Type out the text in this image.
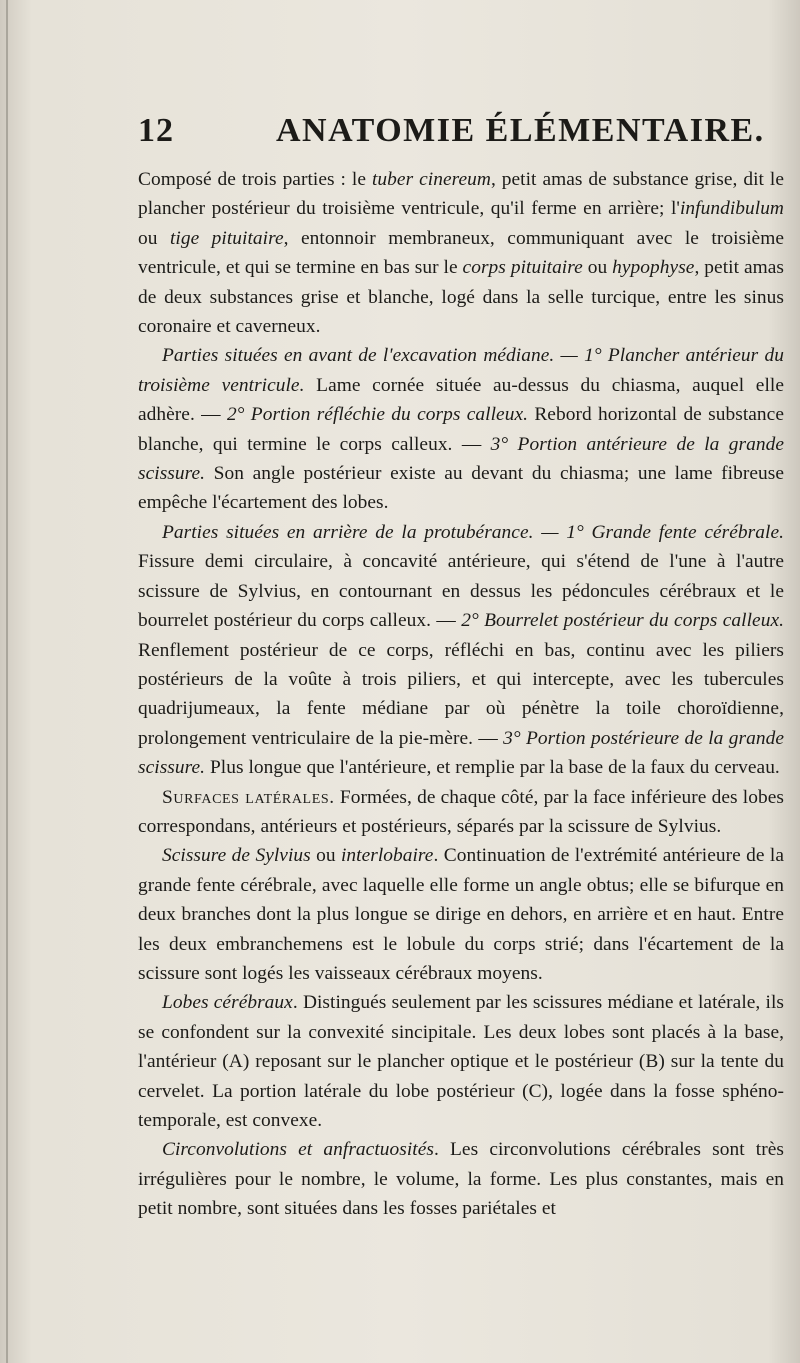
12	ANATOMIE ÉLÉMENTAIRE.

Composé de trois parties : le tuber cinereum, petit amas de substance grise, dit le plancher postérieur du troisième ventricule, qu'il ferme en arrière; l'infundibulum ou tige pituitaire, entonnoir membraneux, communiquant avec le troisième ventricule, et qui se termine en bas sur le corps pituitaire ou hypophyse, petit amas de deux substances grise et blanche, logé dans la selle turcique, entre les sinus coronaire et caverneux.

Parties situées en avant de l'excavation médiane. — 1° Plancher antérieur du troisième ventricule. Lame cornée située au-dessus du chiasma, auquel elle adhère. — 2° Portion réfléchie du corps calleux. Rebord horizontal de substance blanche, qui termine le corps calleux. — 3° Portion antérieure de la grande scissure. Son angle postérieur existe au devant du chiasma; une lame fibreuse empêche l'écartement des lobes.

Parties situées en arrière de la protubérance. — 1° Grande fente cérébrale. Fissure demi circulaire, à concavité antérieure, qui s'étend de l'une à l'autre scissure de Sylvius, en contournant en dessus les pédoncules cérébraux et le bourrelet postérieur du corps calleux. — 2° Bourrelet postérieur du corps calleux. Renflement postérieur de ce corps, réfléchi en bas, continu avec les piliers postérieurs de la voûte à trois piliers, et qui intercepte, avec les tubercules quadrijumeaux, la fente médiane par où pénètre la toile choroïdienne, prolongement ventriculaire de la pie-mère. — 3° Portion postérieure de la grande scissure. Plus longue que l'antérieure, et remplie par la base de la faux du cerveau.

Surfaces latérales. Formées, de chaque côté, par la face inférieure des lobes correspondans, antérieurs et postérieurs, séparés par la scissure de Sylvius.

Scissure de Sylvius ou interlobaire. Continuation de l'extrémité antérieure de la grande fente cérébrale, avec laquelle elle forme un angle obtus; elle se bifurque en deux branches dont la plus longue se dirige en dehors, en arrière et en haut. Entre les deux embranchemens est le lobule du corps strié; dans l'écartement de la scissure sont logés les vaisseaux cérébraux moyens.

Lobes cérébraux. Distingués seulement par les scissures médiane et latérale, ils se confondent sur la convexité sincipitale. Les deux lobes sont placés à la base, l'antérieur (A) reposant sur le plancher optique et le postérieur (B) sur la tente du cervelet. La portion latérale du lobe postérieur (C), logée dans la fosse sphéno-temporale, est convexe.

Circonvolutions et anfractuosités. Les circonvolutions cérébrales sont très irrégulières pour le nombre, le volume, la forme. Les plus constantes, mais en petit nombre, sont situées dans les fosses pariétales et
